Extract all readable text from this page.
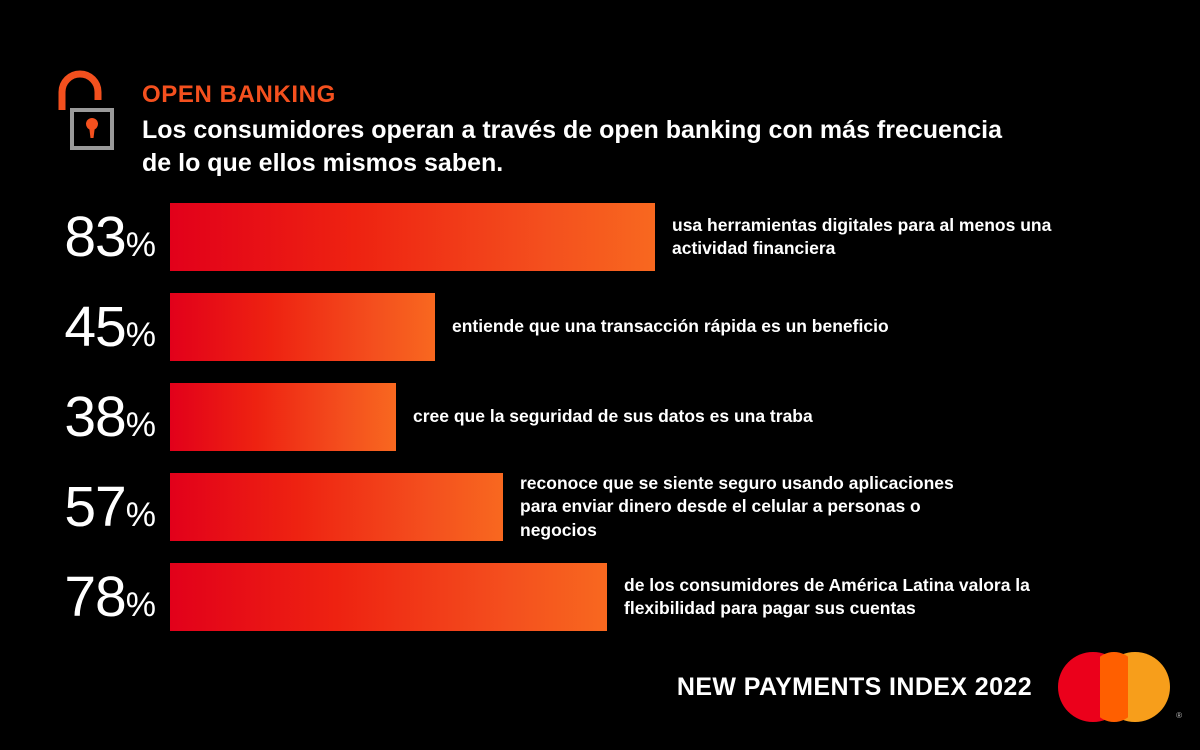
OPEN BANKING
Los consumidores operan a través de open banking con más frecuencia de lo que ellos mismos saben.
83%
usa herramientas digitales para al menos una actividad financiera
45%	entiende que una transacción rápida es un beneficio
38%	cree que la seguridad de sus datos es una traba
57%
reconoce que se siente seguro usando aplicaciones para enviar dinero desde el celular a personas o negocios
78%
de los consumidores de América Latina valora la flexibilidad para pagar sus cuentas
NEW PAYMENTS INDEX 2022
®
